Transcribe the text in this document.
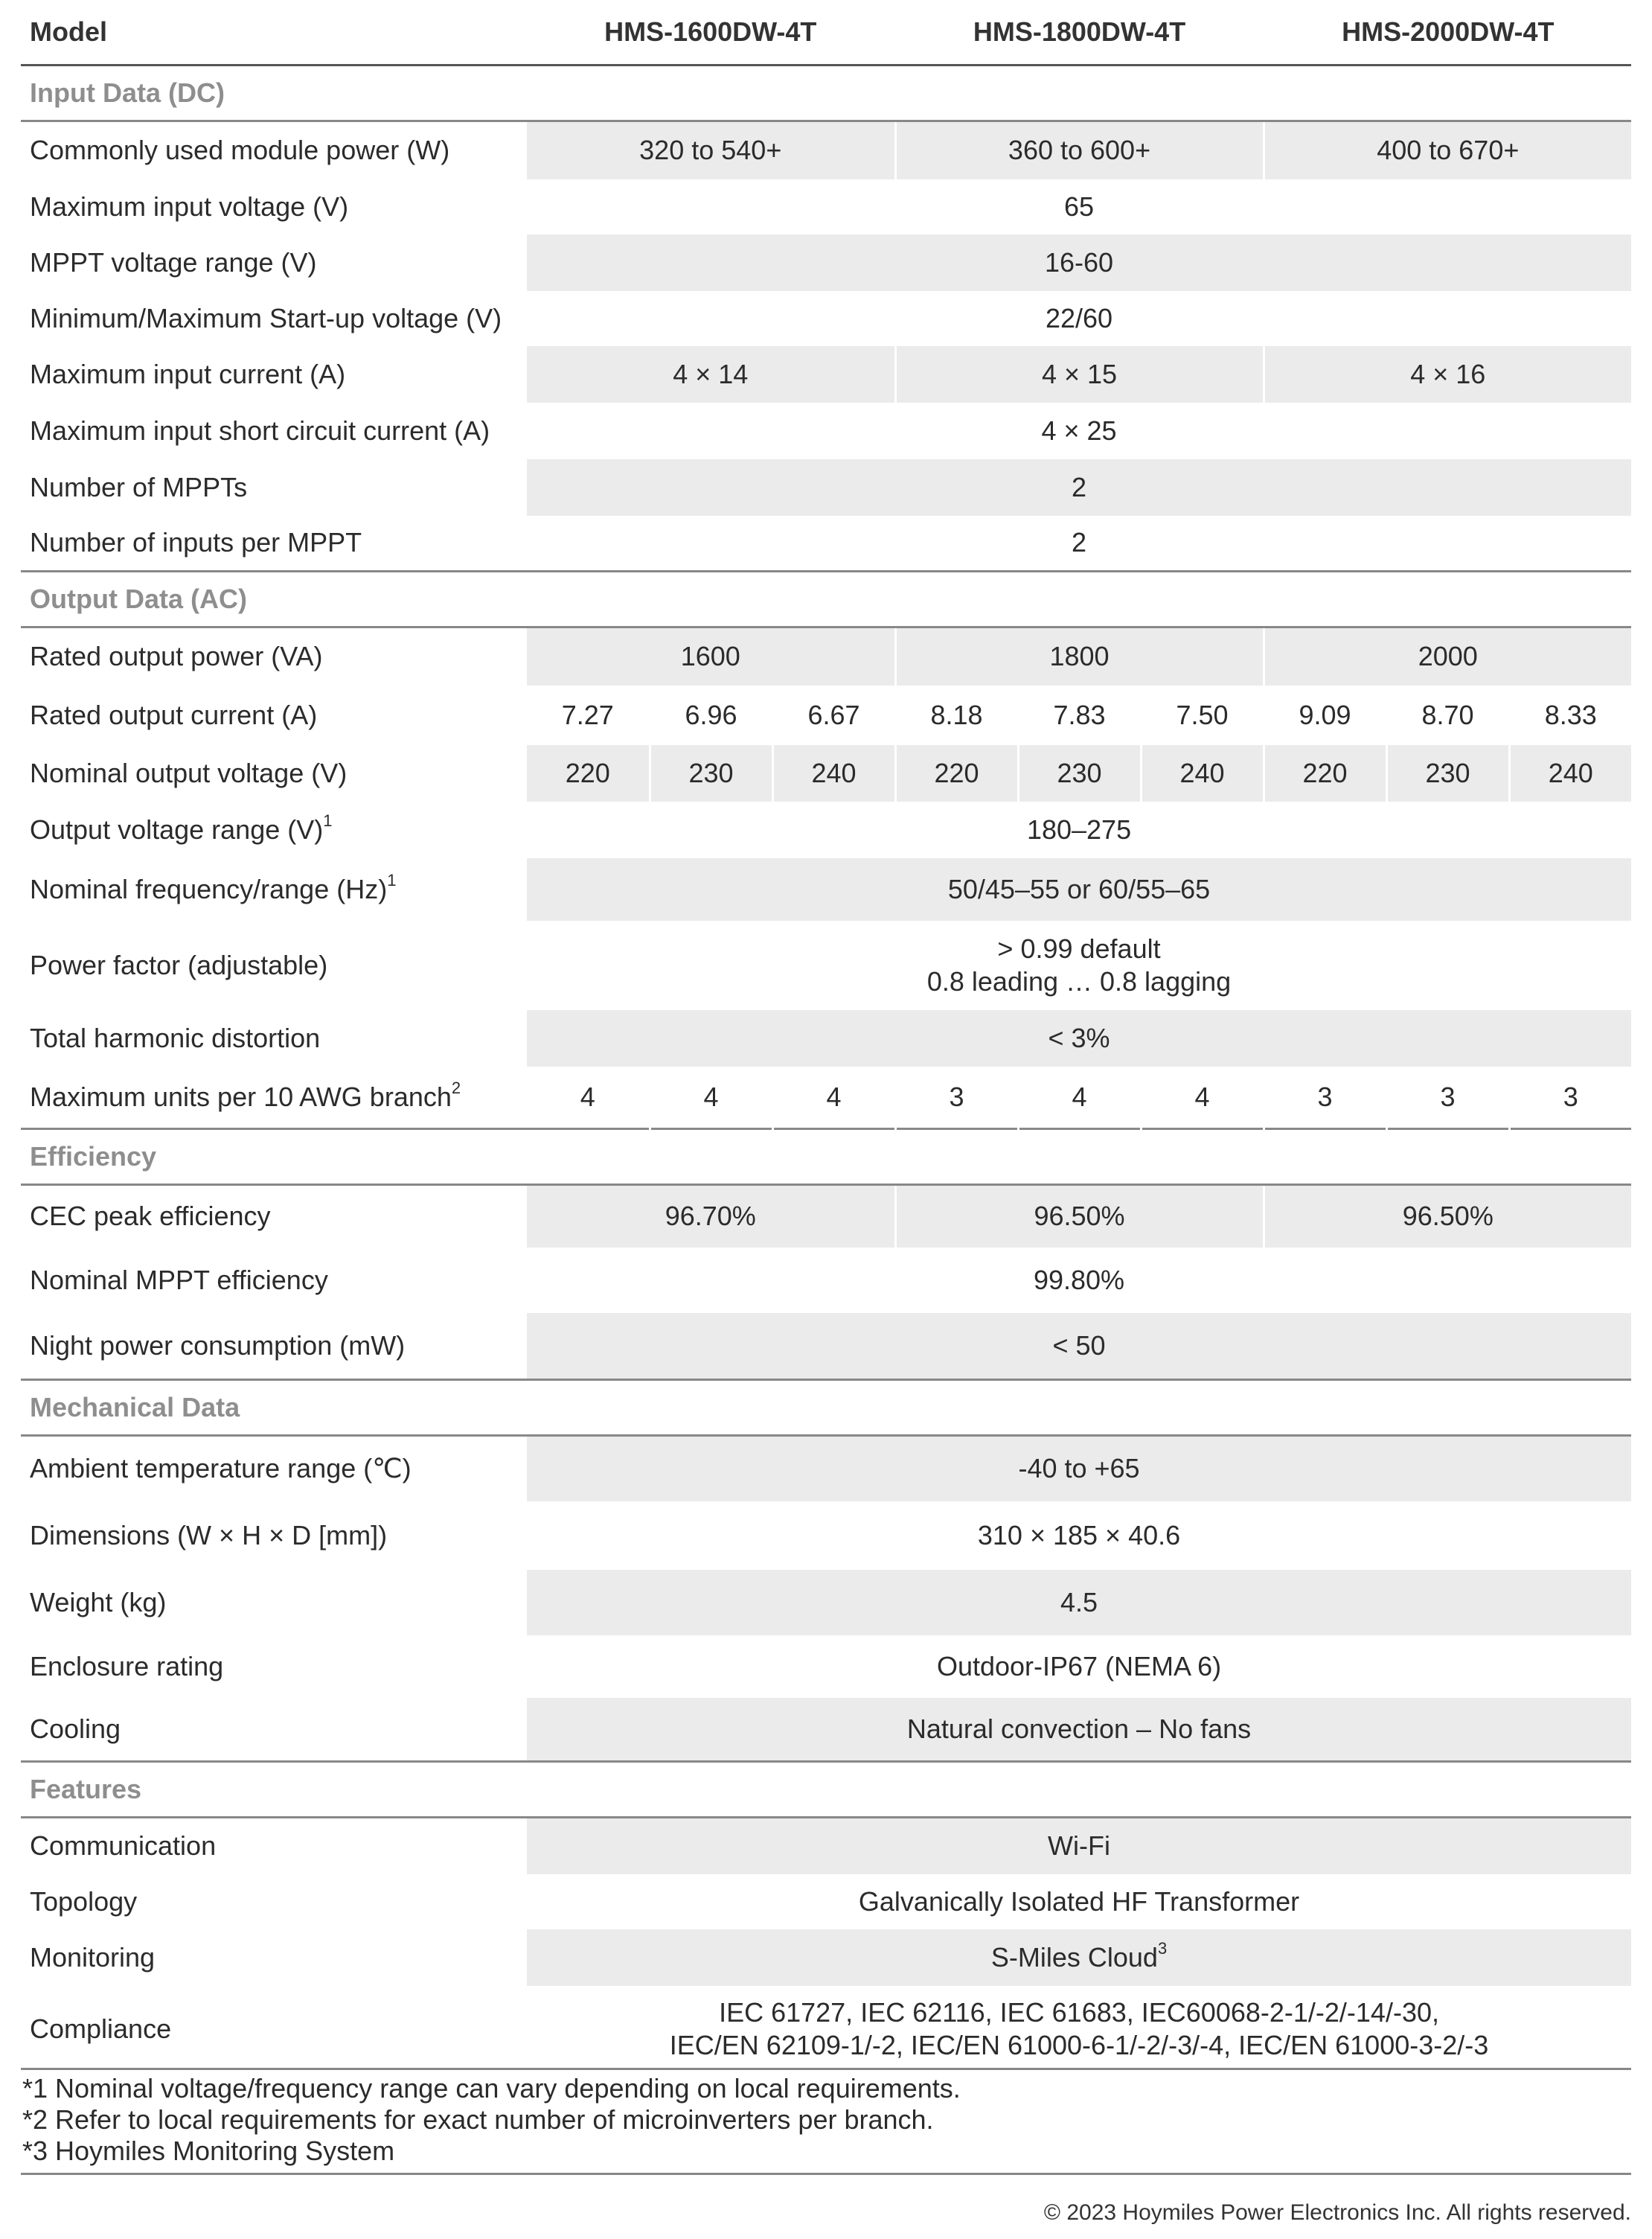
Model	HMS-1600DW-4T			HMS-1800DW-4T			HMS-2000DW-4T		
Input Data (DC)									
Commonly used module power (W)	320 to 540+			360 to 600+			400 to 670+		
Maximum input voltage (V)	65								
MPPT voltage range (V)	16-60								
Minimum/Maximum Start-up voltage (V)	22/60								
Maximum input current (A)	4 × 14			4 × 15			4 × 16		
Maximum input short circuit current (A)	4 × 25								
Number of MPPTs	2								
Number of inputs per MPPT	2								
Output Data (AC)									
Rated output power (VA)	1600			1800			2000		
Rated output current (A)	7.27	6.96	6.67	8.18	7.83	7.50	9.09	8.70	8.33
Nominal output voltage (V)	220	230	240	220	230	240	220	230	240
Output voltage range $(V)^1$	180–275								
Nominal frequency/range $(Hz)^1$	50/45–55 or 60/55–65								
Power factor (adjustable)	> 0.99 default
0.8 leading … 0.8 lagging								

Total harmonic distortion	< 3%								
Maximum units per 10 AWG branch$^2$	4	4	4	3	4	4	3	3	3
Efficiency									
CEC peak efficiency	96.70%			96.50%			96.50%		
Nominal MPPT efficiency	99.80%								
Night power consumption (mW)	< 50								
Mechanical Data									
Ambient temperature range (℃)	-40 to +65								
Dimensions (W × H × D [mm])	310 × 185 × 40.6								
Weight (kg)	4.5								
Enclosure rating	Outdoor-IP67 (NEMA 6)								
Cooling	Natural convection – No fans								
Features									
Communication	Wi-Fi								
Topology	Galvanically Isolated HF Transformer								
Monitoring	S-Miles Cloud$^3$
Compliance	IEC 61727, IEC 62116, IEC 61683, IEC60068-2-1/-2/-14/-30,
IEC/EN 62109-1/-2, IEC/EN 61000-6-1/-2/-3/-4, IEC/EN 61000-3-2/-3								
*1 Nominal voltage/frequency range can vary depending on local requirements.
*2 Refer to local requirements for exact number of microinverters per branch.
*3 Hoymiles Monitoring System
© 2023 Hoymiles Power Electronics Inc. All rights reserved.
